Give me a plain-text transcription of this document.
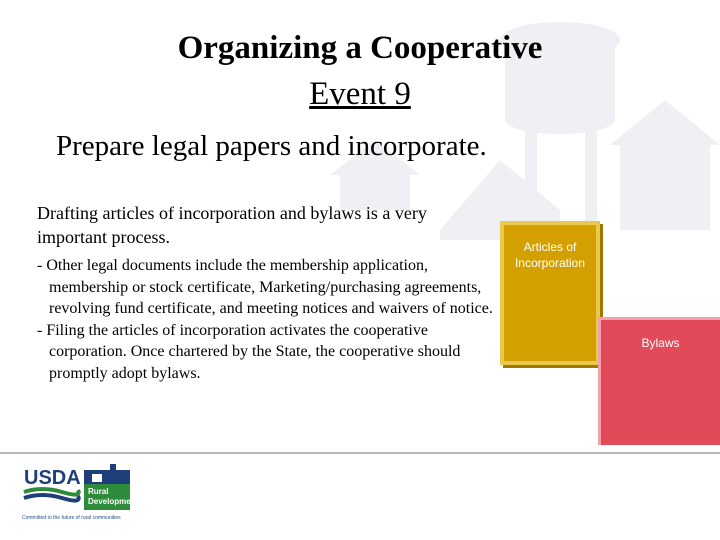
Organizing a Cooperative
Event 9
Prepare legal papers and incorporate.

Drafting articles of incorporation and bylaws is a very important process.

- Other legal documents include the membership application, membership or stock certificate, Marketing/purchasing agreements, revolving fund certificate, and meeting notices and waivers of notice.

- Filing the articles of incorporation activates the cooperative corporation. Once chartered by the State, the cooperative should promptly adopt bylaws.

Articles of Incorporation
Bylaws
USDA
Rural
Development
Committed to the future of rural communities
